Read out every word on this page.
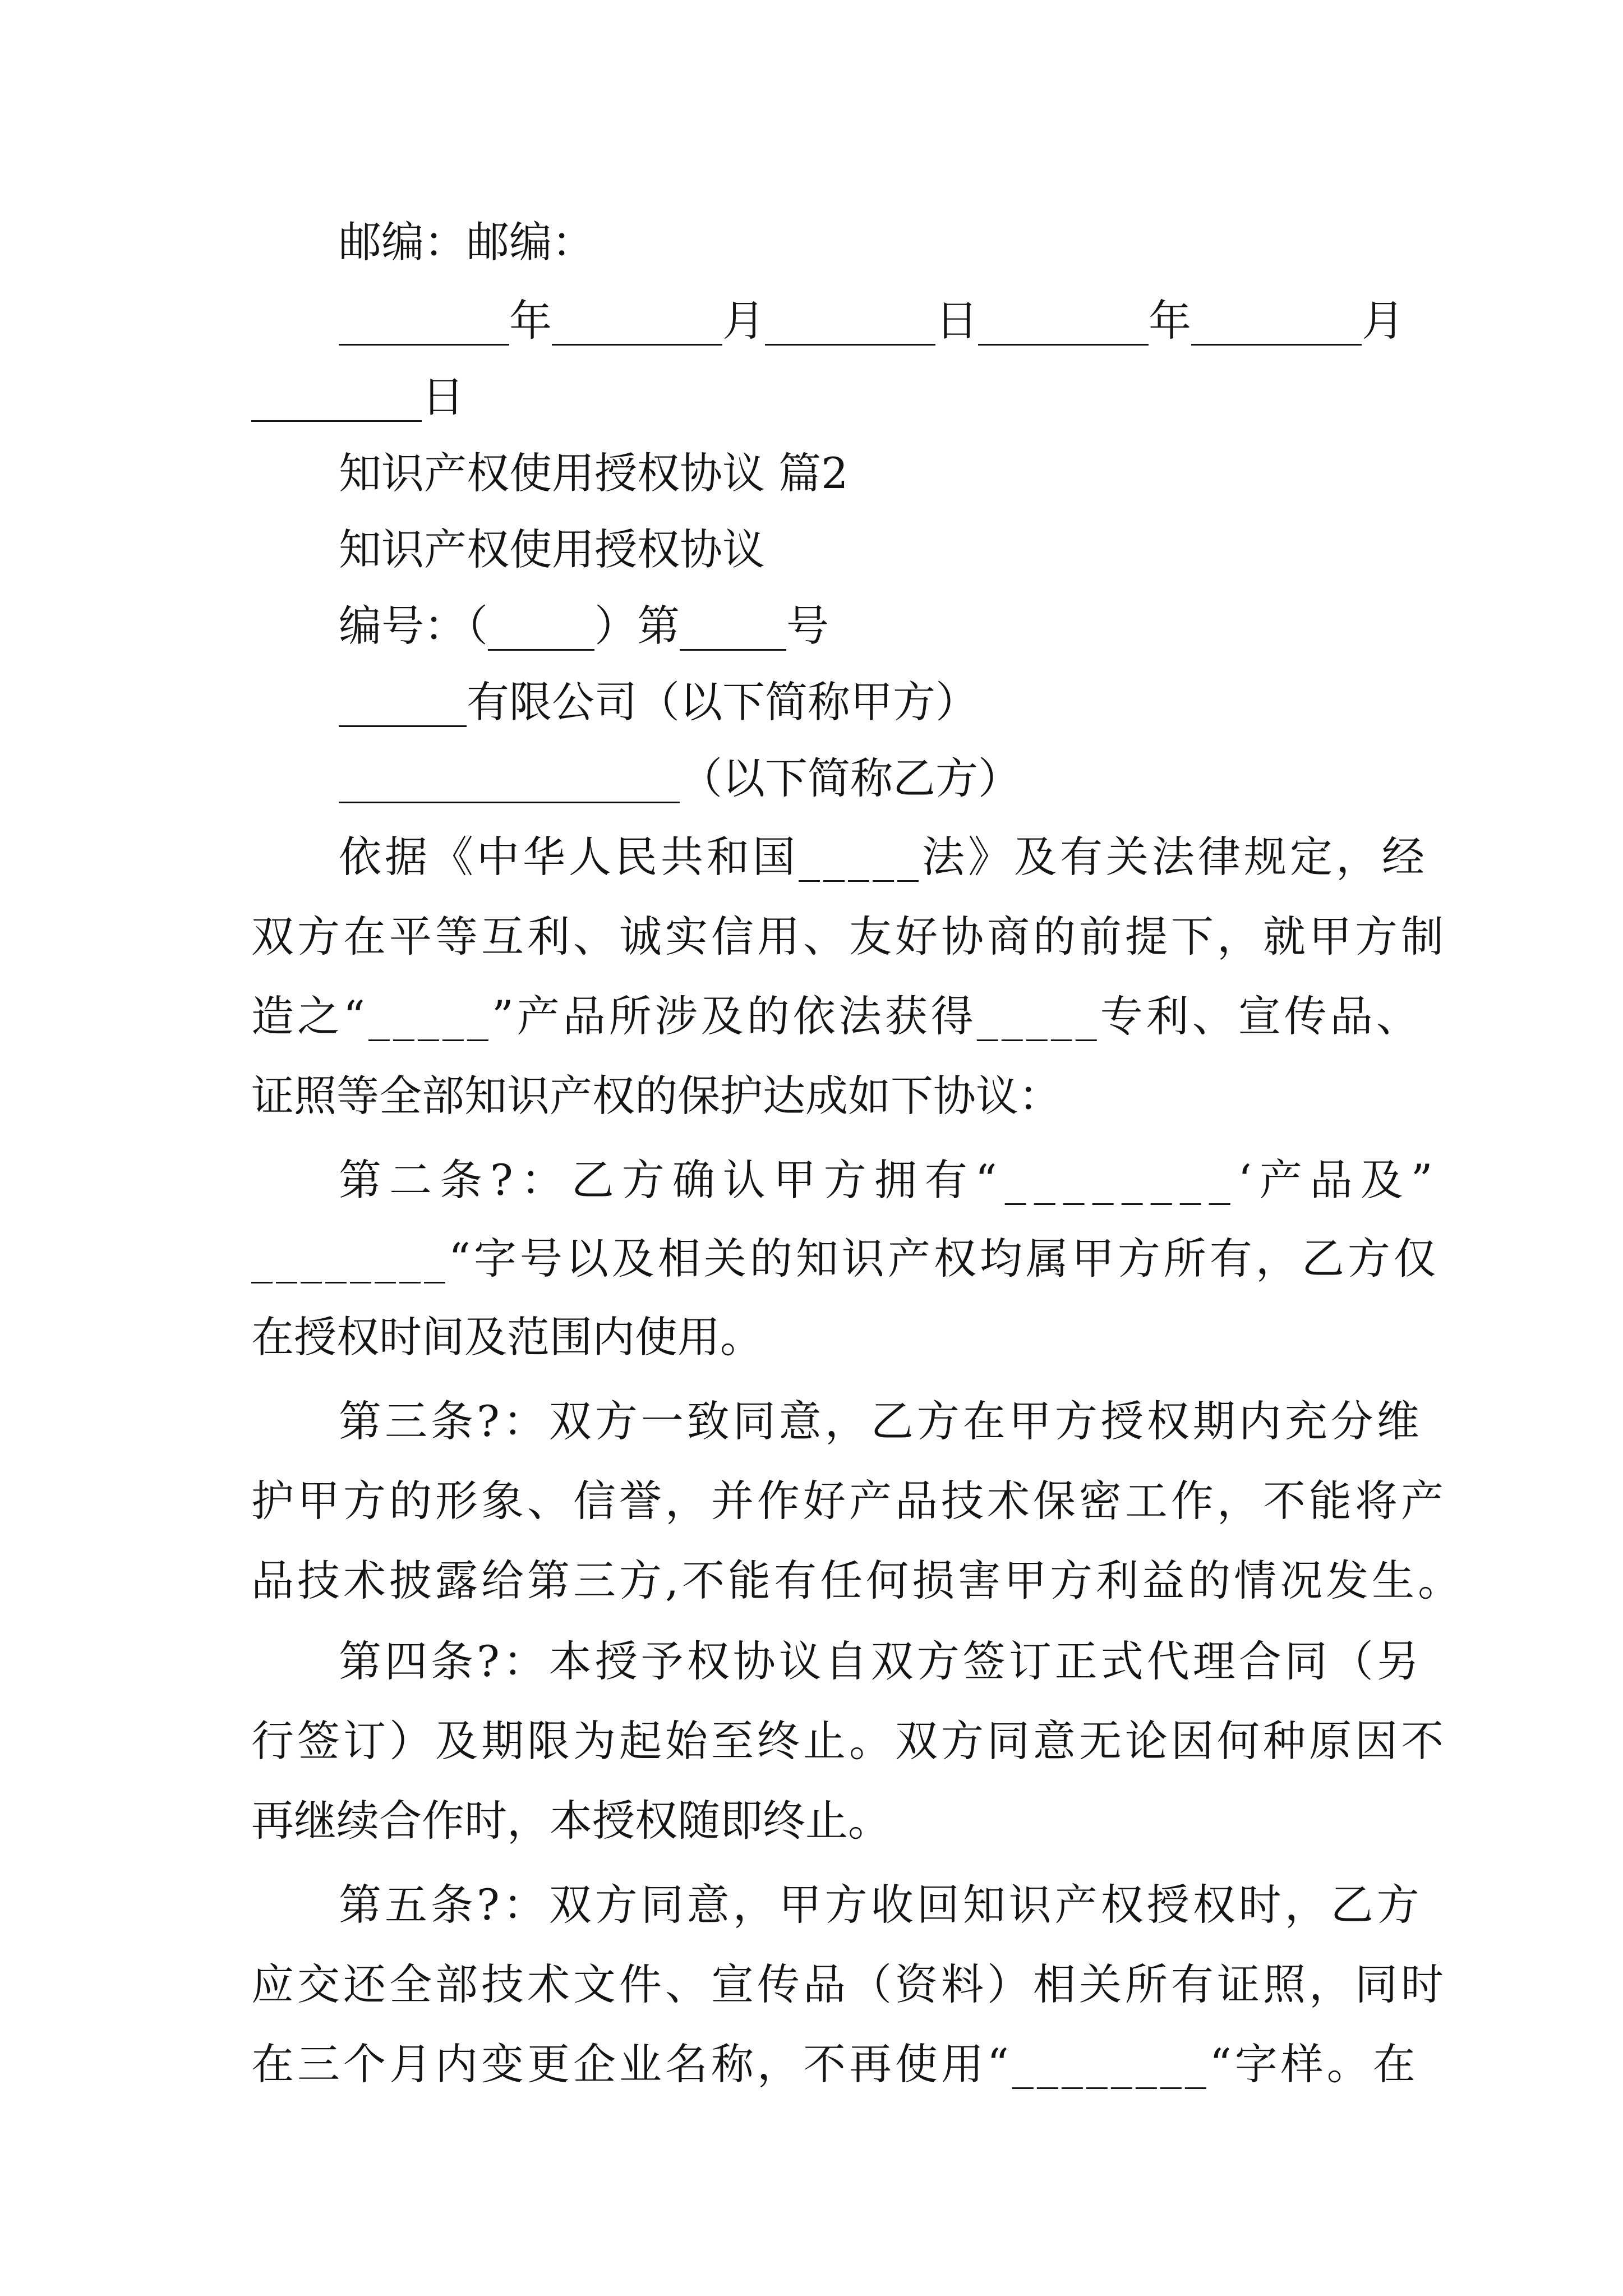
邮编：邮编：
________年________月________日________年________月
________日
知识产权使用授权协议 篇2
知识产权使用授权协议
编号：（_____）第_____号
______有限公司（以下简称甲方）
________________（以下简称乙方）
依据《中华人民共和国_____法》及有关法律规定，经
双方在平等互利、诚实信用、友好协商的前提下，就甲方制
造之“_____”产品所涉及的依法获得_____专利、宣传品、
证照等全部知识产权的保护达成如下协议：
第二条?：乙方确认甲方拥有“________‘产品及”
________“字号以及相关的知识产权均属甲方所有，乙方仅
在授权时间及范围内使用。
第三条?：双方一致同意，乙方在甲方授权期内充分维
护甲方的形象、信誉，并作好产品技术保密工作，不能将产
品技术披露给第三方,不能有任何损害甲方利益的情况发生。
第四条?：本授予权协议自双方签订正式代理合同（另
行签订）及期限为起始至终止。双方同意无论因何种原因不
再继续合作时，本授权随即终止。
第五条?：双方同意，甲方收回知识产权授权时，乙方
应交还全部技术文件、宣传品（资料）相关所有证照，同时
在三个月内变更企业名称，不再使用“________“字样。在
